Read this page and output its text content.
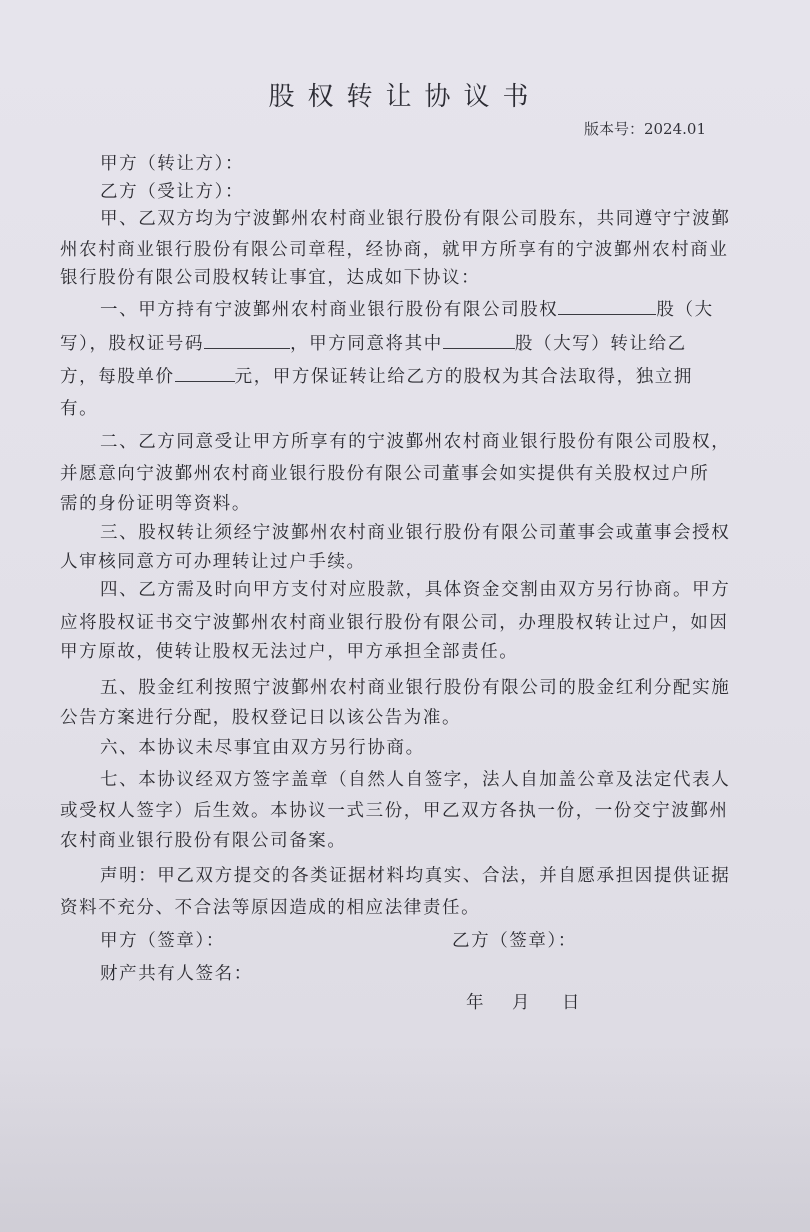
股权转让协议书
版本号：2024.01
甲方（转让方）：
乙方（受让方）：
甲、乙双方均为宁波鄞州农村商业银行股份有限公司股东，共同遵守宁波鄞
州农村商业银行股份有限公司章程，经协商，就甲方所享有的宁波鄞州农村商业
银行股份有限公司股权转让事宜，达成如下协议：
一、甲方持有宁波鄞州农村商业银行股份有限公司股权	股（大
写），股权证号码	，甲方同意将其中	股（大写）转让给乙
方，每股单价	元，甲方保证转让给乙方的股权为其合法取得，独立拥
有。
二、乙方同意受让甲方所享有的宁波鄞州农村商业银行股份有限公司股权，
并愿意向宁波鄞州农村商业银行股份有限公司董事会如实提供有关股权过户所
需的身份证明等资料。
三、股权转让须经宁波鄞州农村商业银行股份有限公司董事会或董事会授权
人审核同意方可办理转让过户手续。
四、乙方需及时向甲方支付对应股款，具体资金交割由双方另行协商。甲方
应将股权证书交宁波鄞州农村商业银行股份有限公司，办理股权转让过户，如因
甲方原故，使转让股权无法过户，甲方承担全部责任。
五、股金红利按照宁波鄞州农村商业银行股份有限公司的股金红利分配实施
公告方案进行分配，股权登记日以该公告为准。
六、本协议未尽事宜由双方另行协商。
七、本协议经双方签字盖章（自然人自签字，法人自加盖公章及法定代表人
或受权人签字）后生效。本协议一式三份，甲乙双方各执一份，一份交宁波鄞州
农村商业银行股份有限公司备案。
声明：甲乙双方提交的各类证据材料均真实、合法，并自愿承担因提供证据
资料不充分、不合法等原因造成的相应法律责任。
甲方（签章）：	乙方（签章）：
财产共有人签名：
年 月 日
